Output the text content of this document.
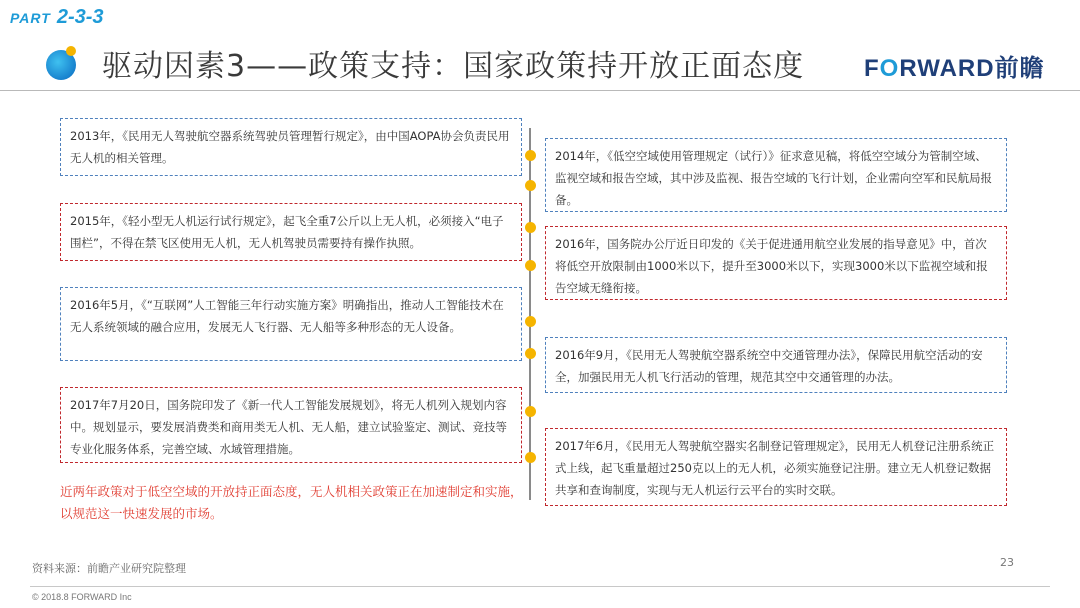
PART 2-3-3
驱动因素3——政策支持：国家政策持开放正面态度 FORWARD前瞻
2013年，《民用无人驾驶航空器系统驾驶员管理暂行规定》，由中国AOPA协会负责民用无人机的相关管理。
2015年，《轻小型无人机运行试行规定》，起飞全重7公斤以上无人机，必须接入“电子围栏”，不得在禁飞区使用无人机，无人机驾驶员需要持有操作执照。
2016年5月，《“互联网”人工智能三年行动实施方案》明确指出，推动人工智能技术在无人系统领域的融合应用，发展无人飞行器、无人船等多种形态的无人设备。
2017年7月20日，国务院印发了《新一代人工智能发展规划》，将无人机列入规划内容中。规划显示，要发展消费类和商用类无人机、无人船，建立试验鉴定、测试、竞技等专业化服务体系，完善空域、水域管理措施。
2014年，《低空空域使用管理规定（试行）》征求意见稿，将低空空域分为管制空域、监视空域和报告空域，其中涉及监视、报告空域的飞行计划，企业需向空军和民航局报备。
2016年，国务院办公厅近日印发的《关于促进通用航空业发展的指导意见》中，首次将低空开放限制由1000米以下，提升至3000米以下，实现3000米以下监视空域和报告空域无缝衔接。
2016年9月，《民用无人驾驶航空器系统空中交通管理办法》，保障民用航空活动的安全，加强民用无人机飞行活动的管理，规范其空中交通管理的办法。
2017年6月，《民用无人驾驶航空器实名制登记管理规定》，民用无人机登记注册系统正式上线，起飞重量超过250克以上的无人机，必须实施登记注册。建立无人机登记数据共享和查询制度，实现与无人机运行云平台的实时交联。
近两年政策对于低空空域的开放持正面态度，无人机相关政策正在加速制定和实施，以规范这一快速发展的市场。
资料来源：前瞻产业研究院整理	23
© 2018.8 FORWARD Inc
